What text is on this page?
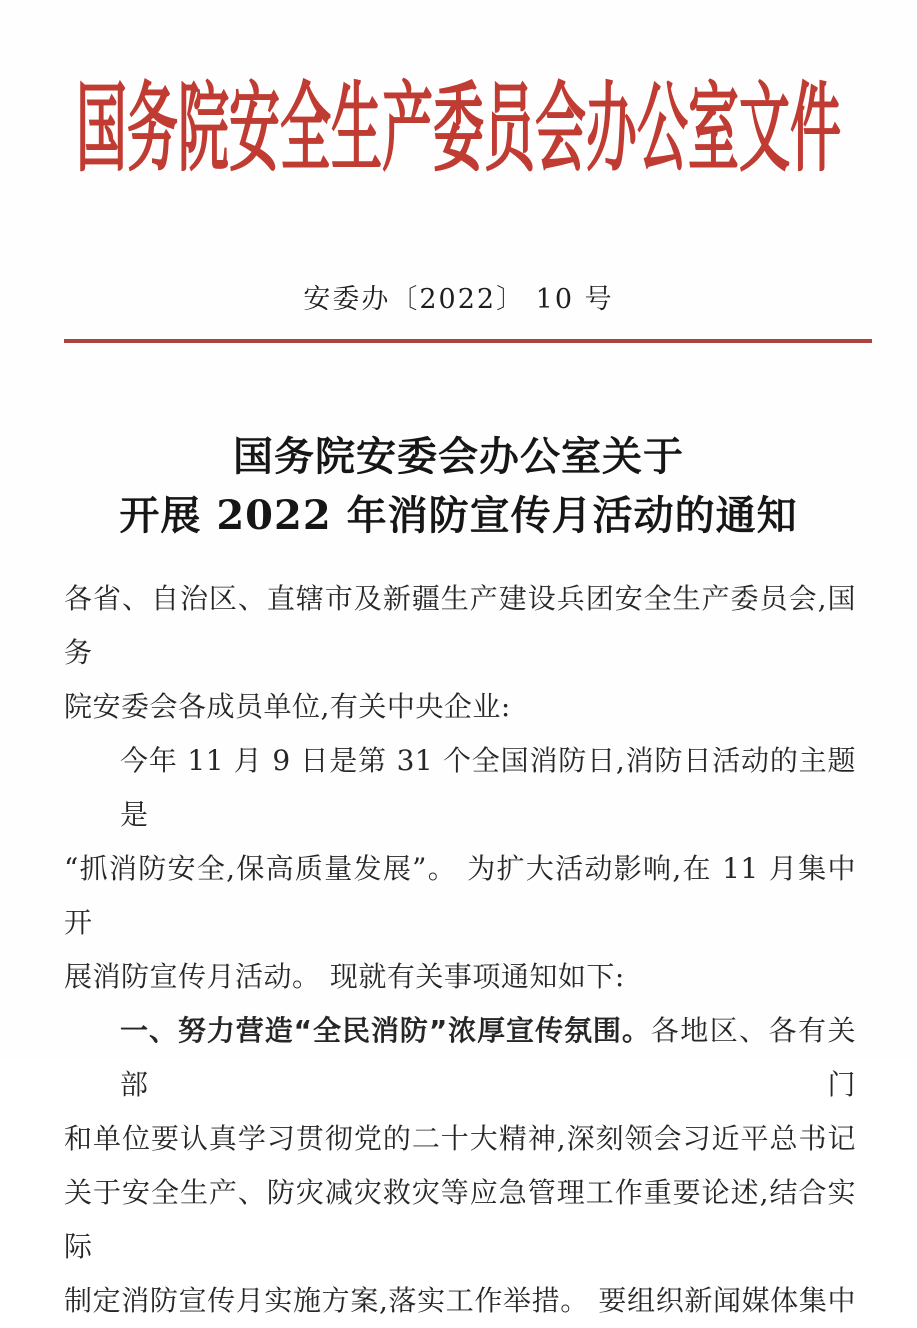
国务院安全生产委员会办公室文件
安委办〔2022〕 10 号
国务院安委会办公室关于
开展 2022 年消防宣传月活动的通知
各省、自治区、直辖市及新疆生产建设兵团安全生产委员会,国务
院安委会各成员单位,有关中央企业:
今年 11 月 9 日是第 31 个全国消防日,消防日活动的主题是
“抓消防安全,保高质量发展”。 为扩大活动影响,在 11 月集中开
展消防宣传月活动。 现就有关事项通知如下:
一、努力营造“全民消防”浓厚宣传氛围。各地区、各有关部门
和单位要认真学习贯彻党的二十大精神,深刻领会习近平总书记
关于安全生产、防灾减灾救灾等应急管理工作重要论述,结合实际
制定消防宣传月实施方案,落实工作举措。 要组织新闻媒体集中
